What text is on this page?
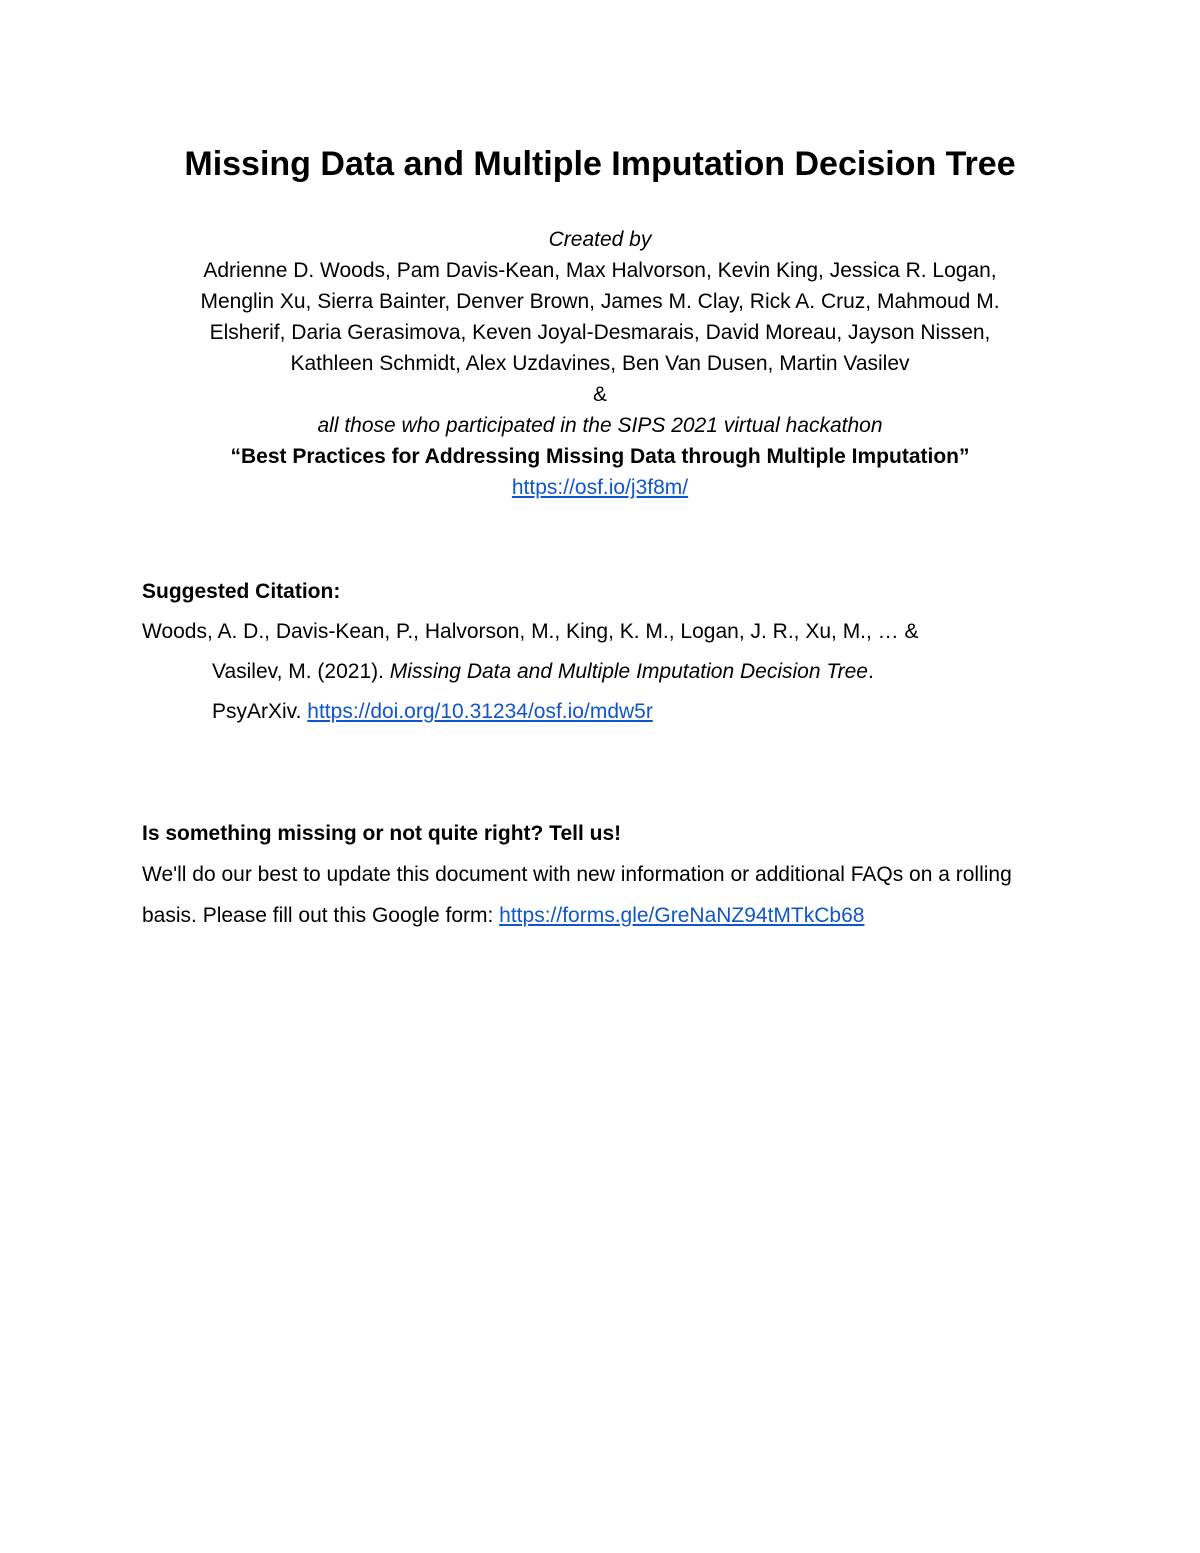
Missing Data and Multiple Imputation Decision Tree
Created by
Adrienne D. Woods, Pam Davis-Kean, Max Halvorson, Kevin King, Jessica R. Logan,
Menglin Xu, Sierra Bainter, Denver Brown, James M. Clay, Rick A. Cruz, Mahmoud M.
Elsherif, Daria Gerasimova, Keven Joyal-Desmarais, David Moreau, Jayson Nissen,
Kathleen Schmidt, Alex Uzdavines, Ben Van Dusen, Martin Vasilev
&
all those who participated in the SIPS 2021 virtual hackathon
“Best Practices for Addressing Missing Data through Multiple Imputation”
https://osf.io/j3f8m/
Suggested Citation:
Woods, A. D., Davis-Kean, P., Halvorson, M., King, K. M., Logan, J. R., Xu, M., … &
Vasilev, M. (2021). Missing Data and Multiple Imputation Decision Tree.
PsyArXiv. https://doi.org/10.31234/osf.io/mdw5r
Is something missing or not quite right? Tell us!
We'll do our best to update this document with new information or additional FAQs on a rolling basis. Please fill out this Google form: https://forms.gle/GreNaNZ94tMTkCb68
